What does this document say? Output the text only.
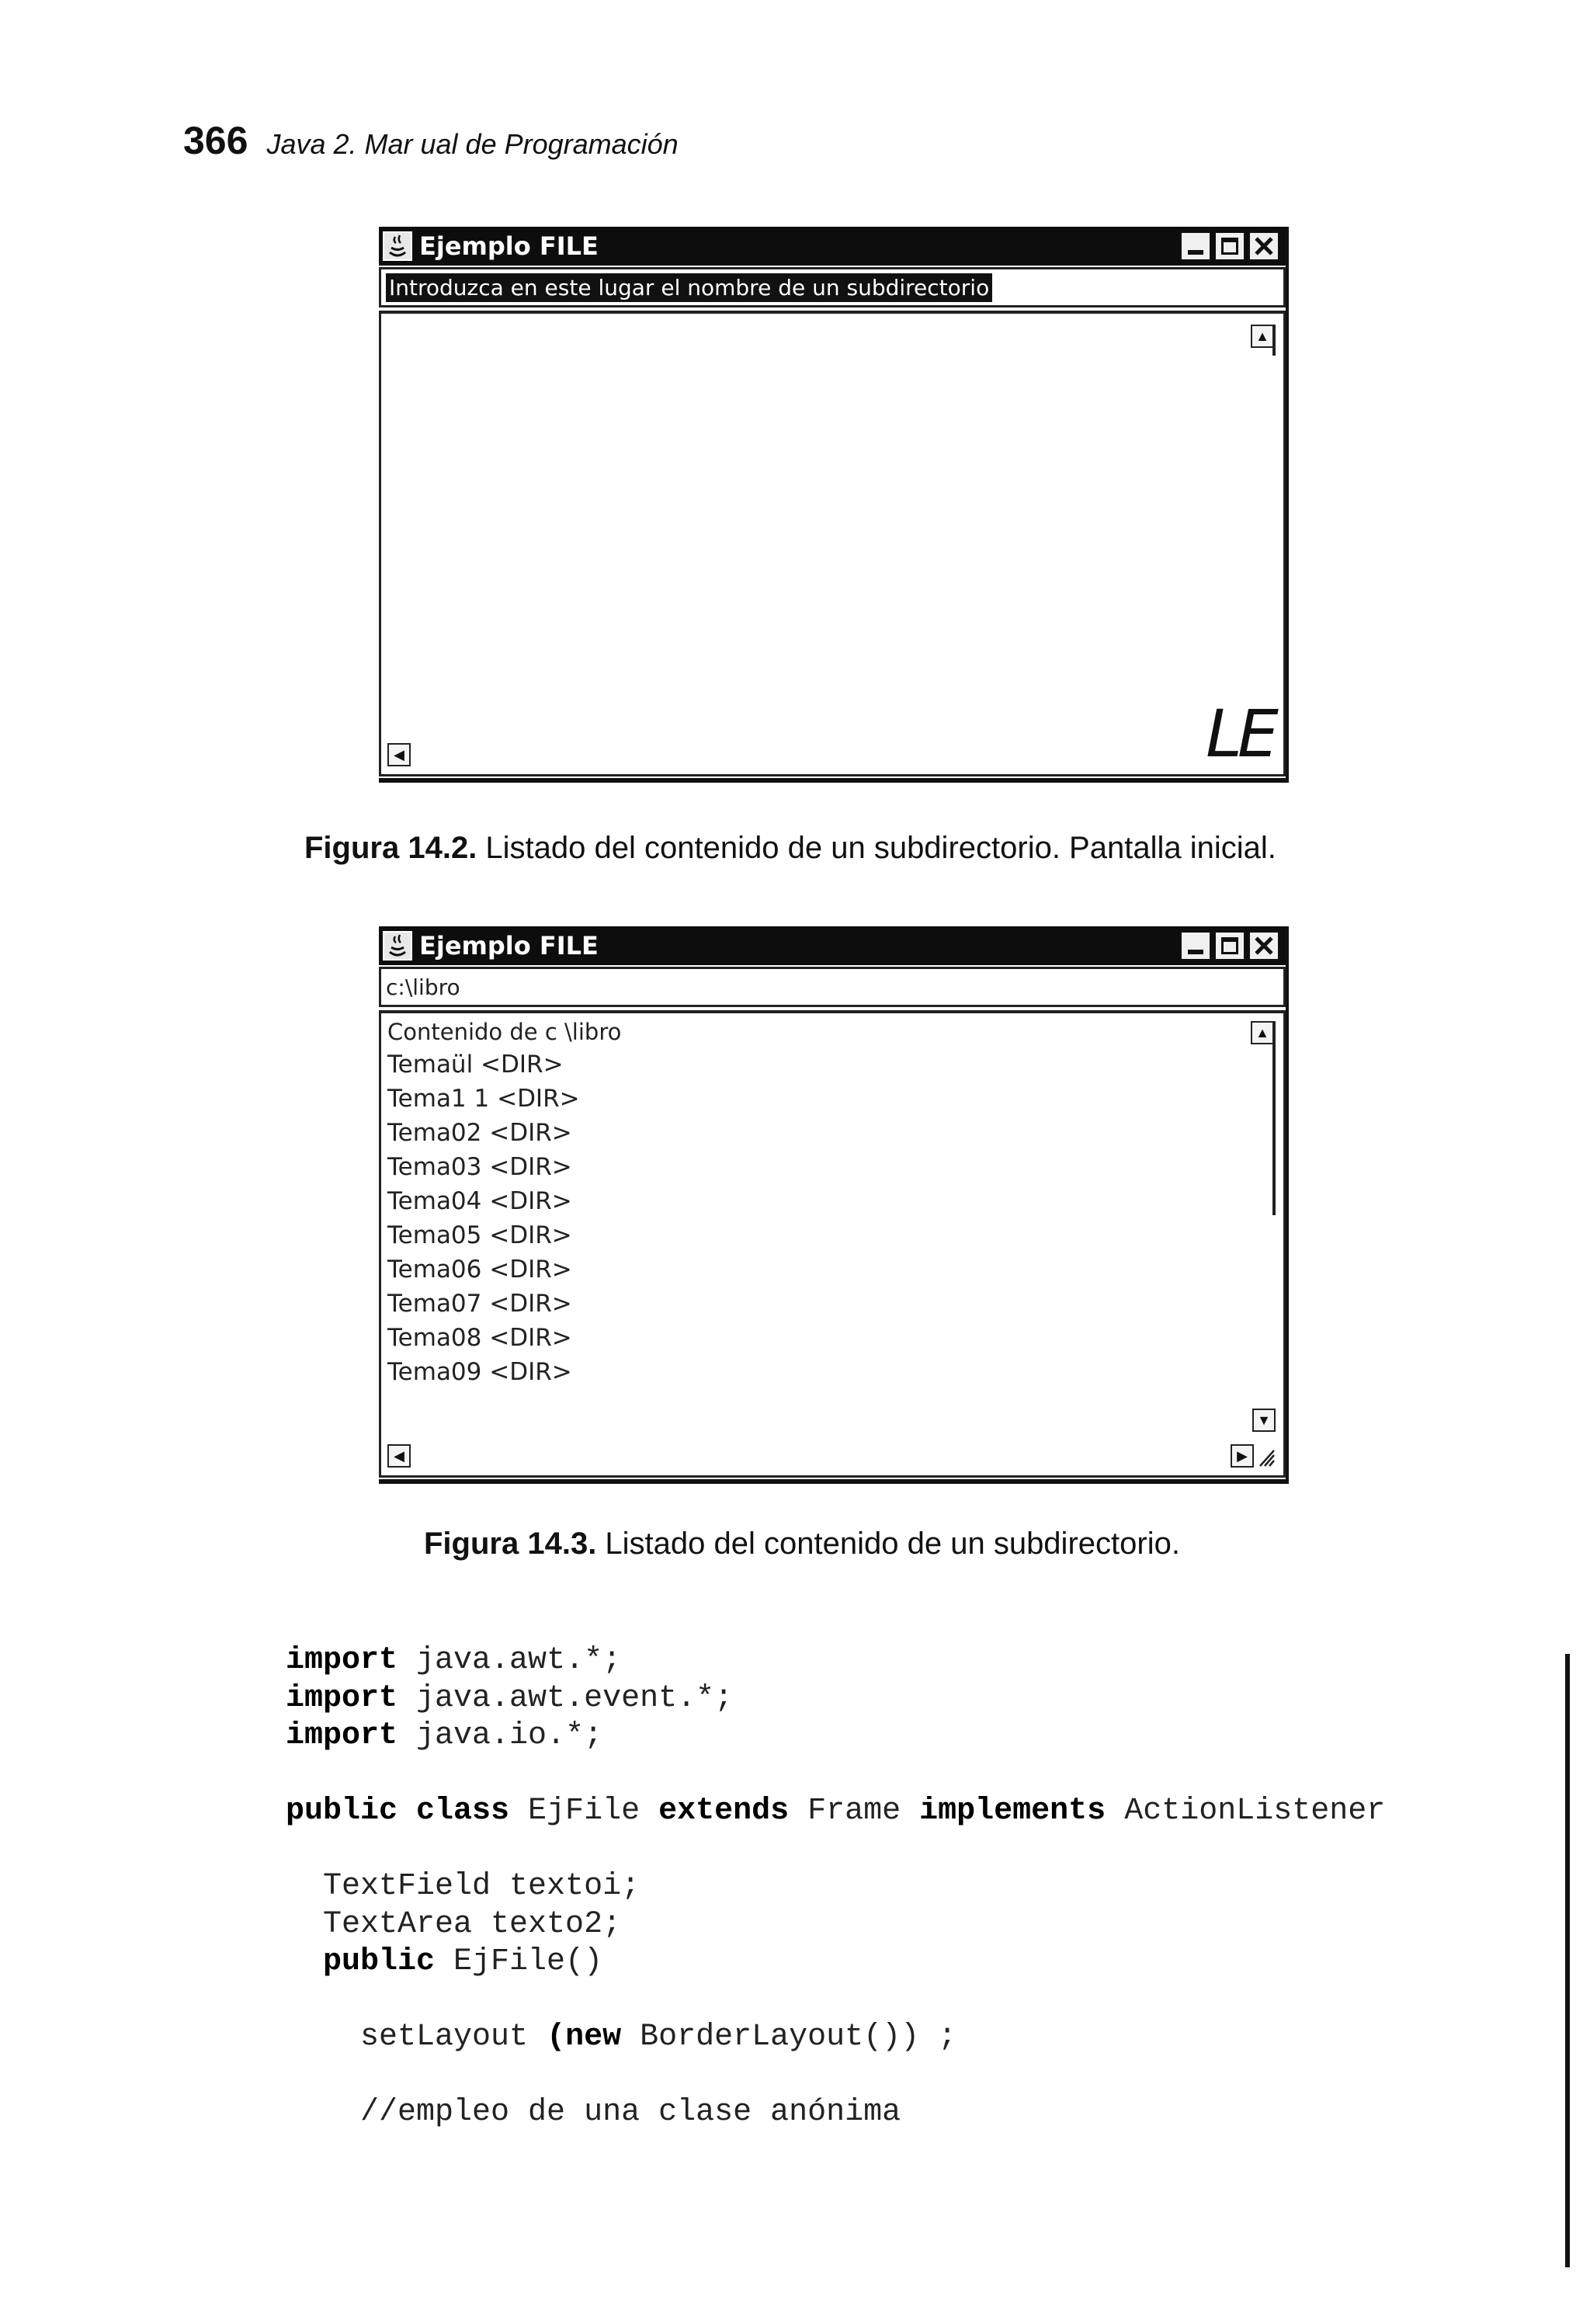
366 Java 2. Mar ual de Programación
Ejemplo FILE
Introduzca en este lugar el nombre de un subdirectorio
▲
◀	LE
Figura 14.2. Listado del contenido de un subdirectorio. Pantalla inicial.
Ejemplo FILE
c:\libro
Contenido de c \libro
Temaül <DIR>
Tema1 1 <DIR>
Tema02 <DIR>
Tema03 <DIR>
Tema04 <DIR>
Tema05 <DIR>
Tema06 <DIR>
Tema07 <DIR>
Tema08 <DIR>
Tema09 <DIR>
▲
▼
◀	▶
Figura 14.3. Listado del contenido de un subdirectorio.
import java.awt.*;
import java.awt.event.*;
import java.io.*;
public class EjFile extends Frame implements ActionListener
TextField textoi;
TextArea texto2;
public EjFile()
setLayout (new BorderLayout()) ;
//empleo de una clase anónima
